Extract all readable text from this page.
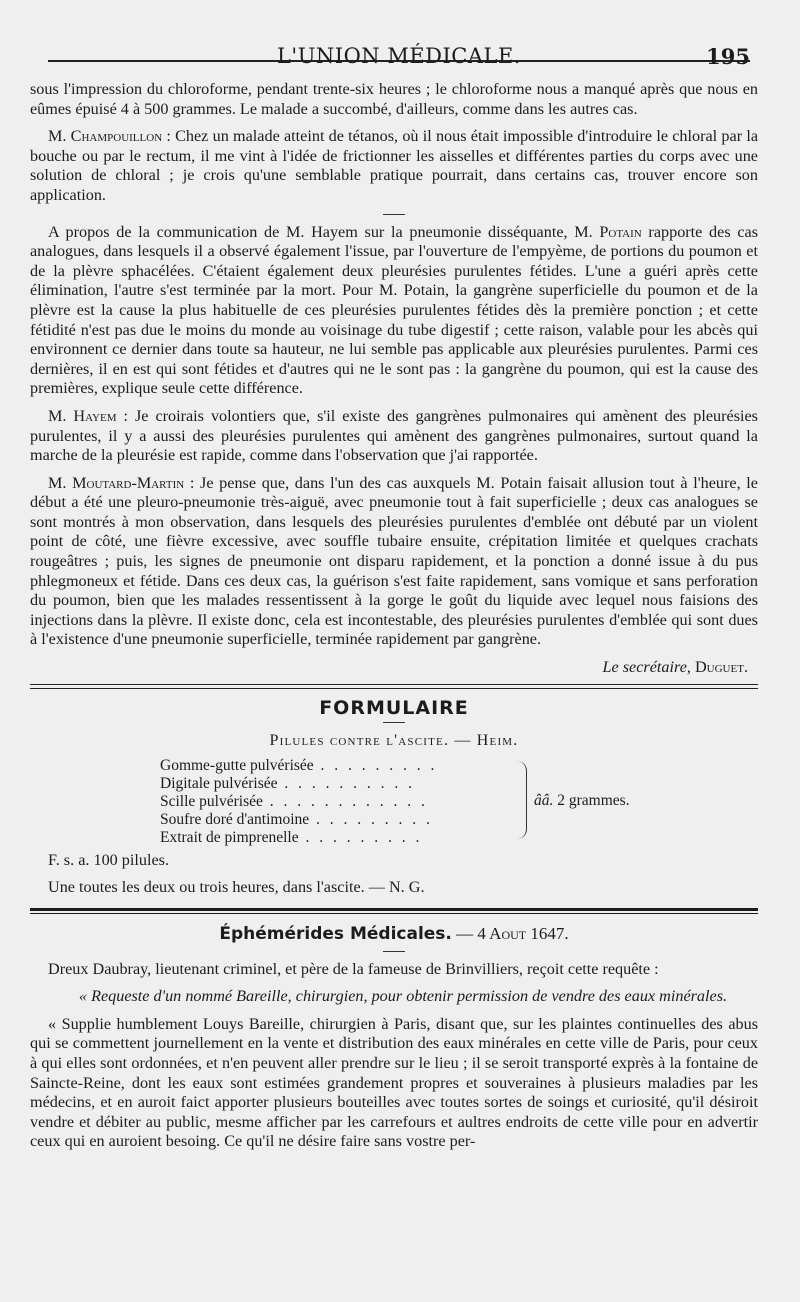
L'UNION MÉDICALE.	195

sous l'impression du chloroforme, pendant trente-six heures ; le chloroforme nous a manqué après que nous en eûmes épuisé 4 à 500 grammes. Le malade a succombé, d'ailleurs, comme dans les autres cas.

M. Champouillon : Chez un malade atteint de tétanos, où il nous était impossible d'introduire le chloral par la bouche ou par le rectum, il me vint à l'idée de frictionner les aisselles et différentes parties du corps avec une solution de chloral ; je crois qu'une semblable pratique pourrait, dans certains cas, trouver encore son application.

A propos de la communication de M. Hayem sur la pneumonie disséquante, M. Potain rapporte des cas analogues, dans lesquels il a observé également l'issue, par l'ouverture de l'empyème, de portions du poumon et de la plèvre sphacélées. C'étaient également deux pleurésies purulentes fétides. L'une a guéri après cette élimination, l'autre s'est terminée par la mort. Pour M. Potain, la gangrène superficielle du poumon et de la plèvre est la cause la plus habituelle de ces pleurésies purulentes fétides dès la première ponction ; et cette fétidité n'est pas due le moins du monde au voisinage du tube digestif ; cette raison, valable pour les abcès qui environnent ce dernier dans toute sa hauteur, ne lui semble pas applicable aux pleurésies purulentes. Parmi ces dernières, il en est qui sont fétides et d'autres qui ne le sont pas : la gangrène du poumon, qui est la cause des premières, explique seule cette différence.

M. Hayem : Je croirais volontiers que, s'il existe des gangrènes pulmonaires qui amènent des pleurésies purulentes, il y a aussi des pleurésies purulentes qui amènent des gangrènes pulmonaires, surtout quand la marche de la pleurésie est rapide, comme dans l'observation que j'ai rapportée.

M. Moutard-Martin : Je pense que, dans l'un des cas auxquels M. Potain faisait allusion tout à l'heure, le début a été une pleuro-pneumonie très-aiguë, avec pneumonie tout à fait superficielle ; deux cas analogues se sont montrés à mon observation, dans lesquels des pleurésies purulentes d'emblée ont débuté par un violent point de côté, une fièvre excessive, avec souffle tubaire ensuite, crépitation limitée et quelques crachats rougeâtres ; puis, les signes de pneumonie ont disparu rapidement, et la ponction a donné issue à du pus phlegmoneux et fétide. Dans ces deux cas, la guérison s'est faite rapidement, sans vomique et sans perforation du poumon, bien que les malades ressentissent à la gorge le goût du liquide avec lequel nous faisions des injections dans la plèvre. Il existe donc, cela est incontestable, des pleurésies purulentes d'emblée qui sont dues à l'existence d'une pneumonie superficielle, terminée rapidement par gangrène.

Le secrétaire, Duguet.
FORMULAIRE
Pilules contre l'ascite. — Heim.
Gomme-gutte pulvérisée . . . . . . . . .
Digitale pulvérisée . . . . . . . . . .
Scille pulvérisée . . . . . . . . . . . .
Soufre doré d'antimoine . . . . . . . . .
Extrait de pimprenelle . . . . . . . . .
ââ. 2 grammes.

F. s. a. 100 pilules.

Une toutes les deux ou trois heures, dans l'ascite. — N. G.

Éphémérides Médicales. — 4 Aout 1647.

Dreux Daubray, lieutenant criminel, et père de la fameuse de Brinvilliers, reçoit cette requête :

« Requeste d'un nommé Bareille, chirurgien, pour obtenir permission de vendre des eaux minérales.

« Supplie humblement Louys Bareille, chirurgien à Paris, disant que, sur les plaintes continuelles des abus qui se commettent journellement en la vente et distribution des eaux minérales en cette ville de Paris, pour ceux à qui elles sont ordonnées, et n'en peuvent aller prendre sur le lieu ; il se seroit transporté exprès à la fontaine de Saincte-Reine, dont les eaux sont estimées grandement propres et souveraines à plusieurs maladies par les médecins, et en auroit faict apporter plusieurs bouteilles avec toutes sortes de soings et curiosité, qu'il désiroit vendre et débiter au public, mesme afficher par les carrefours et aultres endroits de cette ville pour en advertir ceux qui en auroient besoing. Ce qu'il ne désire faire sans vostre per-
